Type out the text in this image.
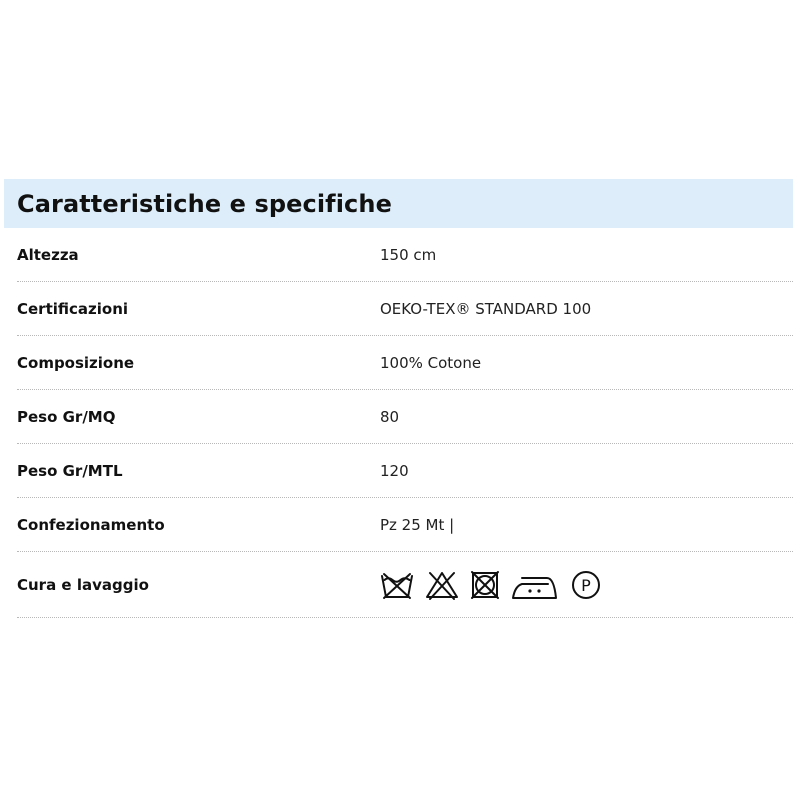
Caratteristiche e specifiche
Altezza	150 cm
Certificazioni	OEKO-TEX® STANDARD 100
Composizione	100% Cotone
Peso Gr/MQ	80
Peso Gr/MTL	120
Confezionamento	Pz 25 Mt |
Cura e lavaggio	P
